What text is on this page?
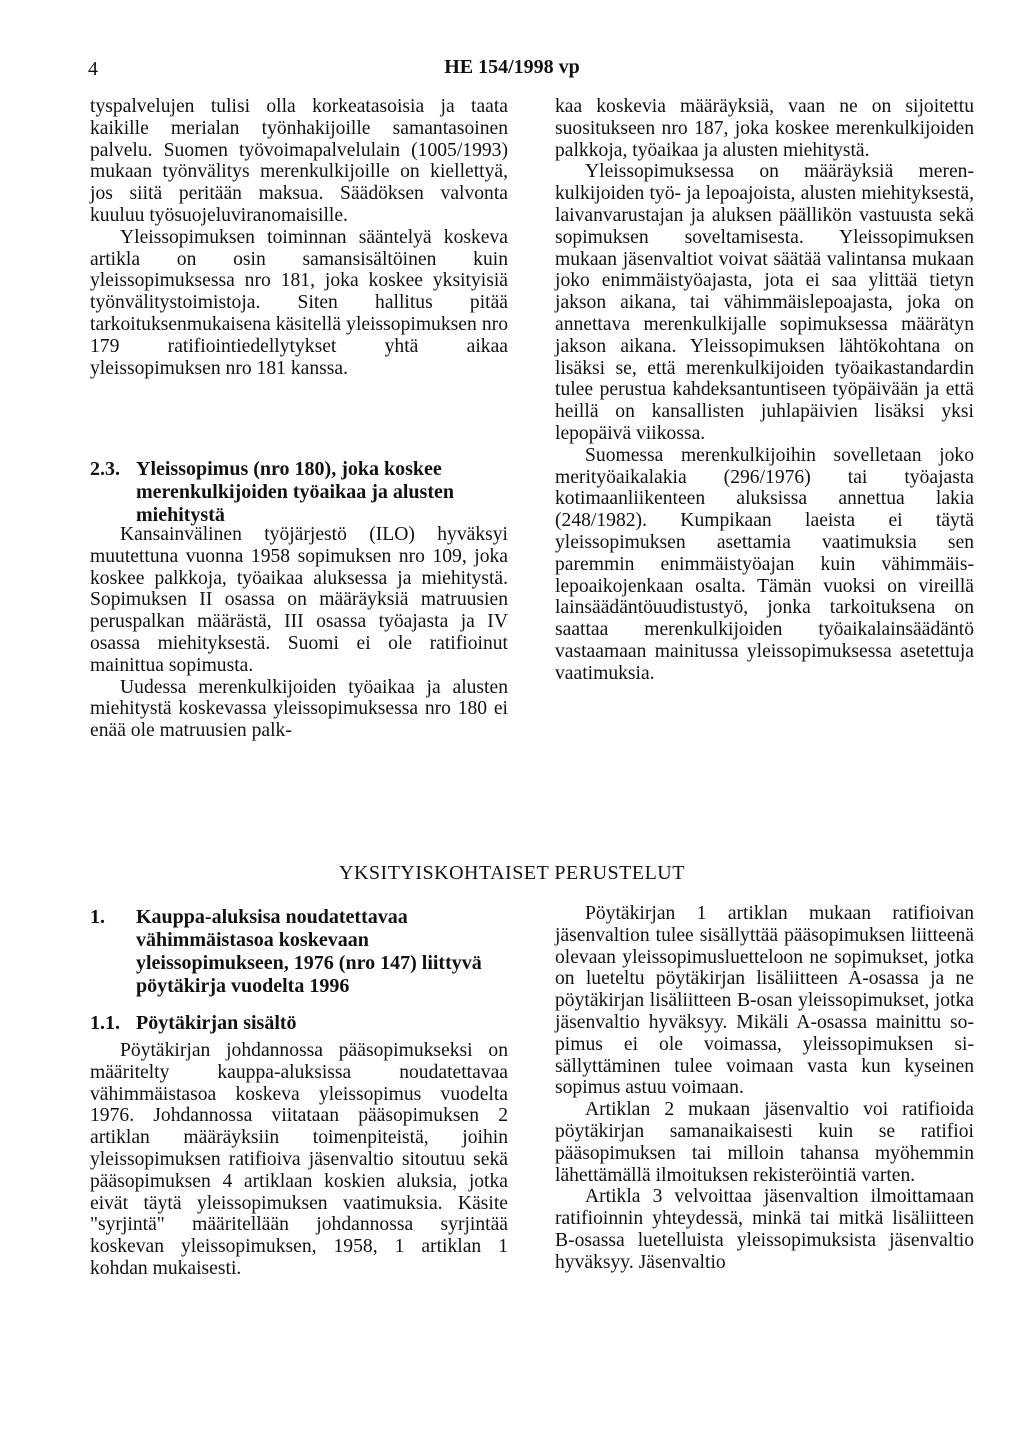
4	HE 154/1998 vp

tyspalvelujen tulisi olla korkeatasoisia ja taata kaikille merialan työnhakijoille samantasoinen palvelu. Suomen työvoimapalvelulain (1005/1993) mukaan työnvälitys merenkulkijoille on kiellettyä, jos siitä peritään maksua. Säädöksen valvonta kuuluu työsuojeluviranomaisille.

Yleissopimuksen toiminnan sääntelyä koskeva artikla on osin samansisältöinen kuin yleissopimuksessa nro 181, joka koskee yksityisiä työnvälitystoimistoja. Siten hallitus pitää tarkoituksenmukaisena käsitellä yleissopimuksen nro 179 ratifiointiedellytykset yhtä aikaa yleissopimuksen nro 181 kanssa.

2.3. Yleissopimus (nro 180), joka koskee merenkulkijoiden työaikaa ja alusten miehitystä

Kansainvälinen työjärjestö (ILO) hyväksyi muutettuna vuonna 1958 sopimuksen nro 109, joka koskee palkkoja, työaikaa aluksessa ja miehitystä. Sopimuksen II osassa on määräyksiä matruusien peruspalkan määrästä, III osassa työajasta ja IV osassa miehityksestä. Suomi ei ole ratifioinut mainittua sopimusta.

Uudessa merenkulkijoiden työaikaa ja alusten miehitystä koskevassa yleissopimuksessa nro 180 ei enää ole matruusien palk-

kaa koskevia määräyksiä, vaan ne on sijoitettu suositukseen nro 187, joka koskee merenkulkijoiden palkkoja, työaikaa ja alusten miehitystä.

Yleissopimuksessa on määräyksiä merenkulkijoiden työ- ja lepoajoista, alusten miehityksestä, laivanvarustajan ja aluksen päällikön vastuusta sekä sopimuksen soveltamisesta. Yleissopimuksen mukaan jäsenvaltiot voivat säätää valintansa mukaan joko enimmäistyöajasta, jota ei saa ylittää tietyn jakson aikana, tai vähimmäislepoajasta, joka on annettava merenkulkijalle sopimuksessa määrätyn jakson aikana. Yleissopimuksen lähtökohtana on lisäksi se, että merenkulkijoiden työaikastandardin tulee perustua kahdeksantuntiseen työpäivään ja että heillä on kansallisten juhlapäivien lisäksi yksi lepopäivä viikossa.

Suomessa merenkulkijoihin sovelletaan joko merityöaikalakia (296/1976) tai työajasta kotimaanliikenteen aluksissa annettua lakia (248/1982). Kumpikaan laeista ei täytä yleissopimuksen asettamia vaatimuksia sen paremmin enimmäistyöajan kuin vähimmäislepoaikojenkaan osalta. Tämän vuoksi on vireillä lainsäädäntöuudistustyö, jonka tarkoituksena on saattaa merenkulkijoiden työaikalainsäädäntö vastaamaan mainitussa yleissopimuksessa asetettuja vaatimuksia.

YKSITYISKOHTAISET PERUSTELUT
1.	Kauppa-aluksisa noudatettavaa vähimmäistasoa koskevaan yleissopimukseen, 1976 (nro 147) liittyvä pöytäkirja vuodelta 1996
1.1. Pöytäkirjan sisältö

Pöytäkirjan johdannossa pääsopimukseksi on määritelty kauppa-aluksissa noudatettavaa vähimmäistasoa koskeva yleissopimus vuodelta 1976. Johdannossa viitataan pääsopimuksen 2 artiklan määräyksiin toimenpiteistä, joihin yleissopimuksen ratifioiva jäsenvaltio sitoutuu sekä pääsopimuksen 4 artiklaan koskien aluksia, jotka eivät täytä yleissopimuksen vaatimuksia. Käsite "syrjintä" määritellään johdannossa syrjintää koskevan yleissopimuksen, 1958, 1 artiklan 1 kohdan mukaisesti.

Pöytäkirjan 1 artiklan mukaan ratifioivan jäsenvaltion tulee sisällyttää pääsopimuksen liitteenä olevaan yleissopimusluetteloon ne sopimukset, jotka on lueteltu pöytäkirjan lisäliitteen A-osassa ja ne pöytäkirjan lisäliitteen B-osan yleissopimukset, jotka jäsenvaltio hyväksyy. Mikäli A-osassa mainittu sopimus ei ole voimassa, yleissopimuksen sisällyttäminen tulee voimaan vasta kun kyseinen sopimus astuu voimaan.

Artiklan 2 mukaan jäsenvaltio voi ratifioida pöytäkirjan samanaikaisesti kuin se ratifioi pääsopimuksen tai milloin tahansa myöhemmin lähettämällä ilmoituksen rekisteröintiä varten.

Artikla 3 velvoittaa jäsenvaltion ilmoittamaan ratifioinnin yhteydessä, minkä tai mitkä lisäliitteen B-osassa luetelluista yleissopimuksista jäsenvaltio hyväksyy. Jäsenvaltio
